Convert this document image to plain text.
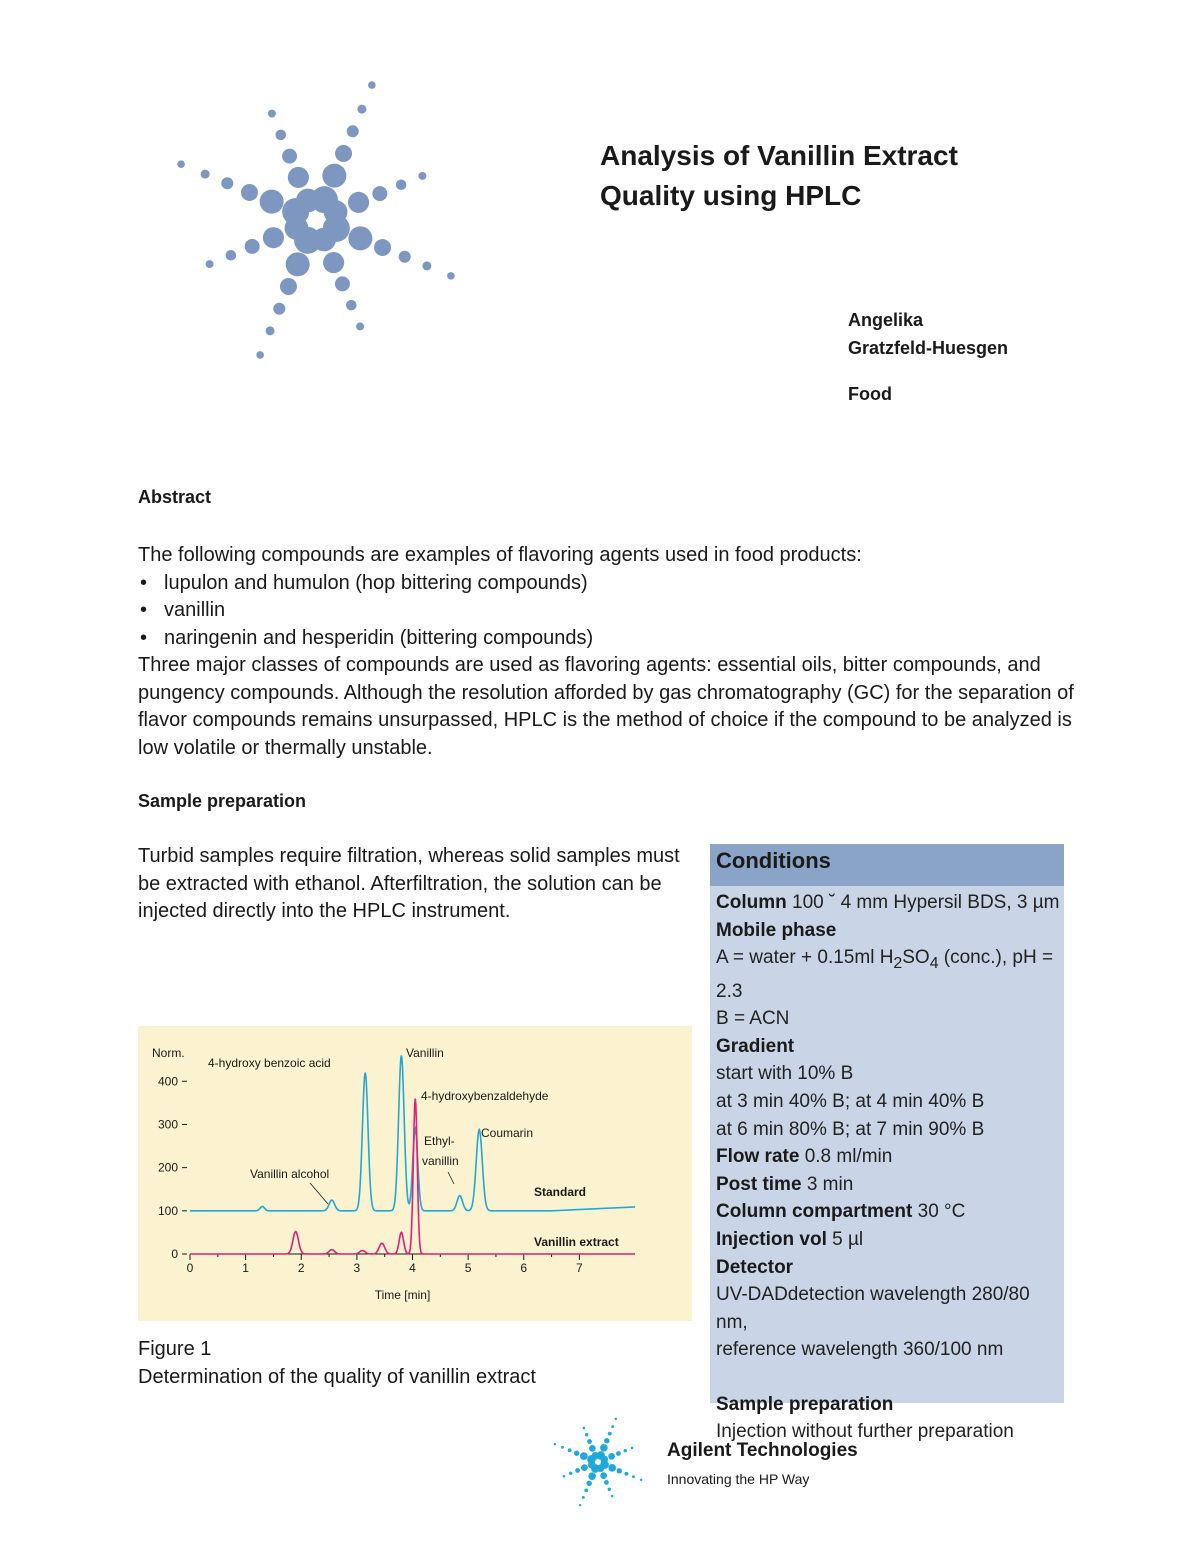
Analysis of Vanillin Extract
Quality using HPLC
Angelika
Gratzfeld-Huesgen
Food
Abstract

The following compounds are examples of flavoring agents used in food products:

• lupulon and humulon (hop bittering compounds)
• vanillin
• naringenin and hesperidin (bittering compounds)

Three major classes of compounds are used as flavoring agents: essential oils, bitter compounds, and pungency compounds. Although the resolution afforded by gas chromatography (GC) for the separation of flavor compounds remains unsurpassed, HPLC is the method of choice if the compound to be analyzed is low volatile or thermally unstable.

Sample preparation
Turbid samples require filtration, whereas solid samples must be extracted with ethanol. Afterfiltration, the solution can be injected directly into the HPLC instrument.
0	1	2	3	4	5	6	7
0
100
200
300
400
Norm.
Time [min]
4-hydroxy benzoic acid
Vanillin
4-hydroxybenzaldehyde
Ethyl-
vanillin
Coumarin
Vanillin alcohol
Standard
Vanillin extract
Figure 1
Determination of the quality of vanillin extract
Conditions
Column 100 ˘ 4 mm Hypersil BDS, 3 µm
Mobile phase
A = water + 0.15ml $H_2SO_4$ (conc.), pH = 2.3
B = ACN
Gradient
start with 10% B
at 3 min 40% B; at 4 min 40% B
at 6 min 80% B; at 7 min 90% B
Flow rate 0.8 ml/min
Post time 3 min
Column compartment 30 °C
Injection vol 5 µl
Detector
UV-DADdetection wavelength 280/80 nm,
reference wavelength 360/100 nm
Sample preparation
Injection without further preparation
Agilent Technologies
Innovating the HP Way
